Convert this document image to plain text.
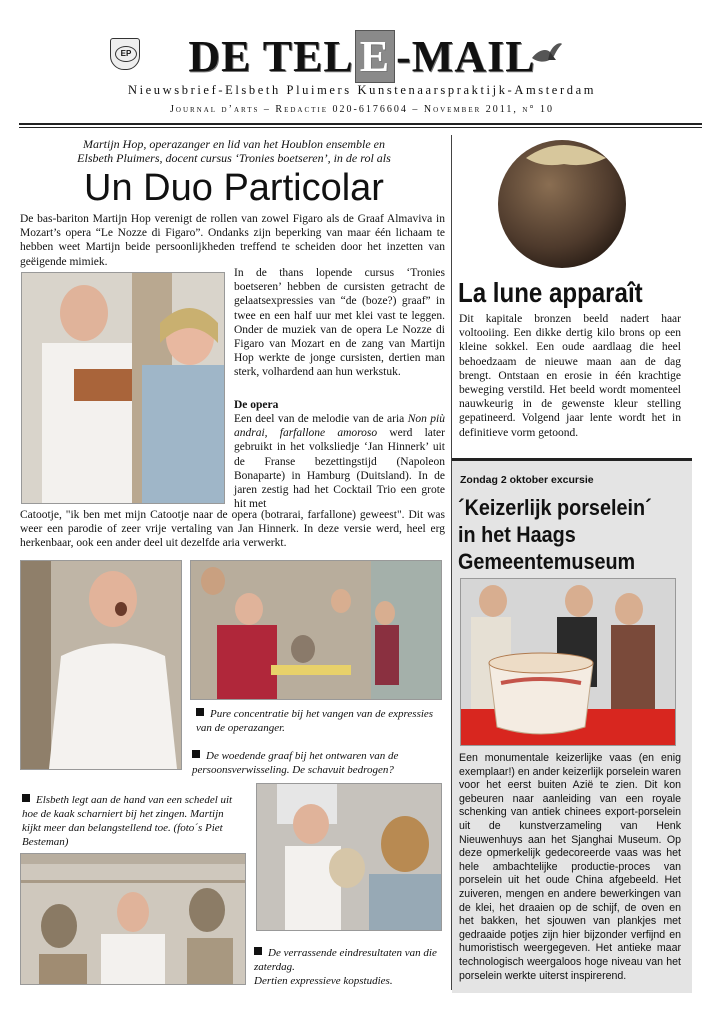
EP	DE TEL E -MAIL
Nieuwsbrief-Elsbeth Pluimers Kunstenaarspraktijk-Amsterdam
Journal d’arts – Redactie 020-6176604 – November 2011, n° 10
Martijn Hop, operazanger en lid van het Houblon ensemble en
Elsbeth Pluimers, docent cursus ‘Tronies boetseren’, in de rol als
Un Duo Particolar
De bas-bariton Martijn Hop verenigt de rollen van zowel Figaro als de Graaf Almaviva in Mozart’s opera “Le Nozze di Figaro”. Ondanks zijn beperking van maar één lichaam te hebben weet Martijn beide persoonlijkheden treffend te scheiden door het inzetten van geëigende mimiek.
In de thans lopende cursus ‘Tronies boetseren’ hebben de cursisten getracht de gelaatsexpressies van “de (boze?) graaf” in twee en een half uur met klei vast te leggen. Onder de muziek van de opera Le Nozze di Figaro van Mozart en de zang van Martijn Hop werkte de jonge cursisten, dertien man sterk, volhardend aan hun werkstuk.
De opera
Een deel van de melodie van de aria Non più andrai, farfallone amoroso werd later gebruikt in het volksliedje ‘Jan Hinnerk’ uit de Franse bezettingstijd (Napoleon Bonaparte) in Hamburg (Duitsland). In de jaren zestig had het Cocktail Trio een grote hit met
Catootje, "ik ben met mijn Catootje naar de opera (botrarai, farfallone) geweest". Dit was weer een parodie of zeer vrije vertaling van Jan Hinnerk. In deze versie werd, heel erg herkenbaar, ook een ander deel uit dezelfde aria verwerkt.
Pure concentratie bij het vangen van de expressies van de operazanger.
De woedende graaf bij het ontwaren van de persoonsverwisseling. De schavuit bedrogen?
Elsbeth legt aan de hand van een schedel uit hoe de kaak scharniert bij het zingen. Martijn kijkt meer dan belangstellend toe. (foto´s Piet Besteman)
De verrassende eindresultaten van die zaterdag.
Dertien expressieve kopstudies.
La lune apparaît
Dit kapitale bronzen beeld nadert haar voltooiing. Een dikke dertig kilo brons op een kleine sokkel. Een oude aardlaag die heel behoedzaam de nieuwe maan aan de dag brengt. Ontstaan en erosie in één krachtige beweging verstild. Het beeld wordt momenteel nauwkeurig in de gewenste kleur stelling gepatineerd. Volgend jaar lente wordt het in definitieve vorm getoond.
Zondag 2 oktober excursie
´Keizerlijk porselein´
in het Haags
Gemeentemuseum
Een monumentale keizerlijke vaas (en enig exemplaar!) en ander keizerlijk porselein waren voor het eerst buiten Azië te zien. Dit kon gebeuren naar aanleiding van een royale schenking van antiek chinees export-porselein uit de kunstverzameling van Henk Nieuwenhuys aan het Sjanghai Museum. Op deze opmerkelijk gedecoreerde vaas was het hele ambachtelijke productie-proces van porselein uit het oude China afgebeeld. Het zuiveren, mengen en andere bewerkingen van de klei, het draaien op de schijf, de oven en het bakken, het sjouwen van plankjes met gedraaide potjes zijn hier bijzonder verfijnd en humoristisch weergegeven. Het antieke maar technologisch weergaloos hoge niveau van het porselein werkte uiterst inspirerend.
